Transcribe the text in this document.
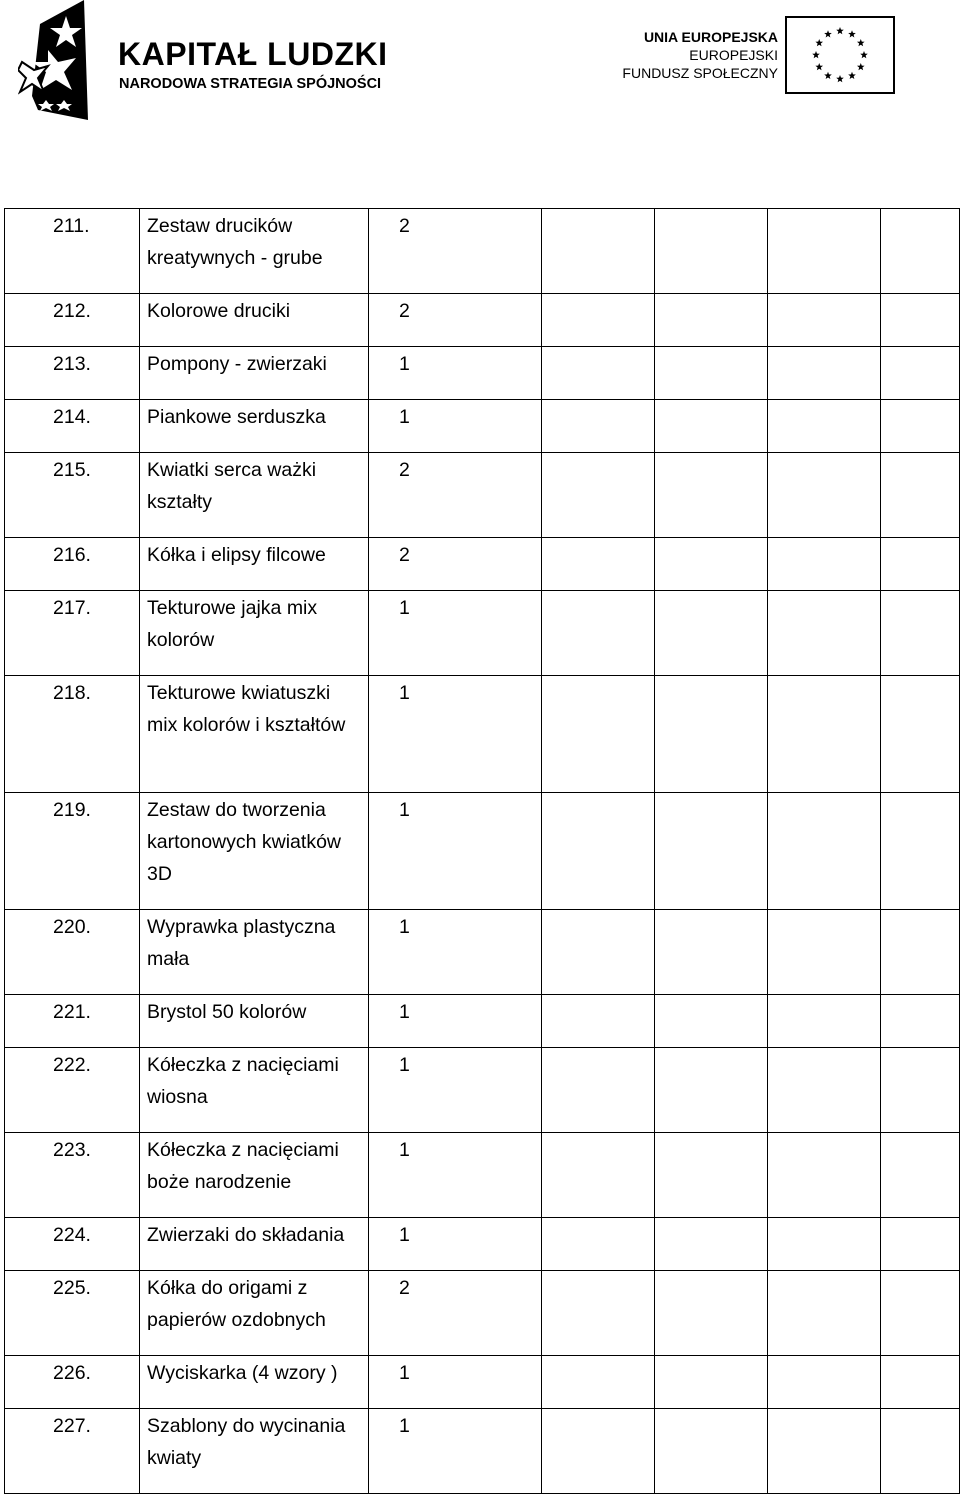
KAPITAŁ LUDZKI
NARODOWA STRATEGIA SPÓJNOŚCI
UNIA EUROPEJSKA
EUROPEJSKI
FUNDUSZ SPOŁECZNY
211.	Zestaw drucików kreatywnych - grube	2				
212.	Kolorowe druciki	2				
213.	Pompony - zwierzaki	1				
214.	Piankowe serduszka	1				
215.	Kwiatki serca ważki kształty	2				
216.	Kółka i elipsy filcowe	2				
217.	Tekturowe jajka mix kolorów	1				
218.	Tekturowe kwiatuszki mix kolorów i kształtów	1				
219.	Zestaw do tworzenia kartonowych kwiatków 3D	1				
220.	Wyprawka plastyczna mała	1				
221.	Brystol 50 kolorów	1				
222.	Kółeczka z nacięciami wiosna	1				
223.	Kółeczka z nacięciami boże narodzenie	1				
224.	Zwierzaki do składania	1				
225.	Kółka do origami z papierów ozdobnych	2				
226.	Wyciskarka (4 wzory )	1				
227.	Szablony do wycinania kwiaty	1				
